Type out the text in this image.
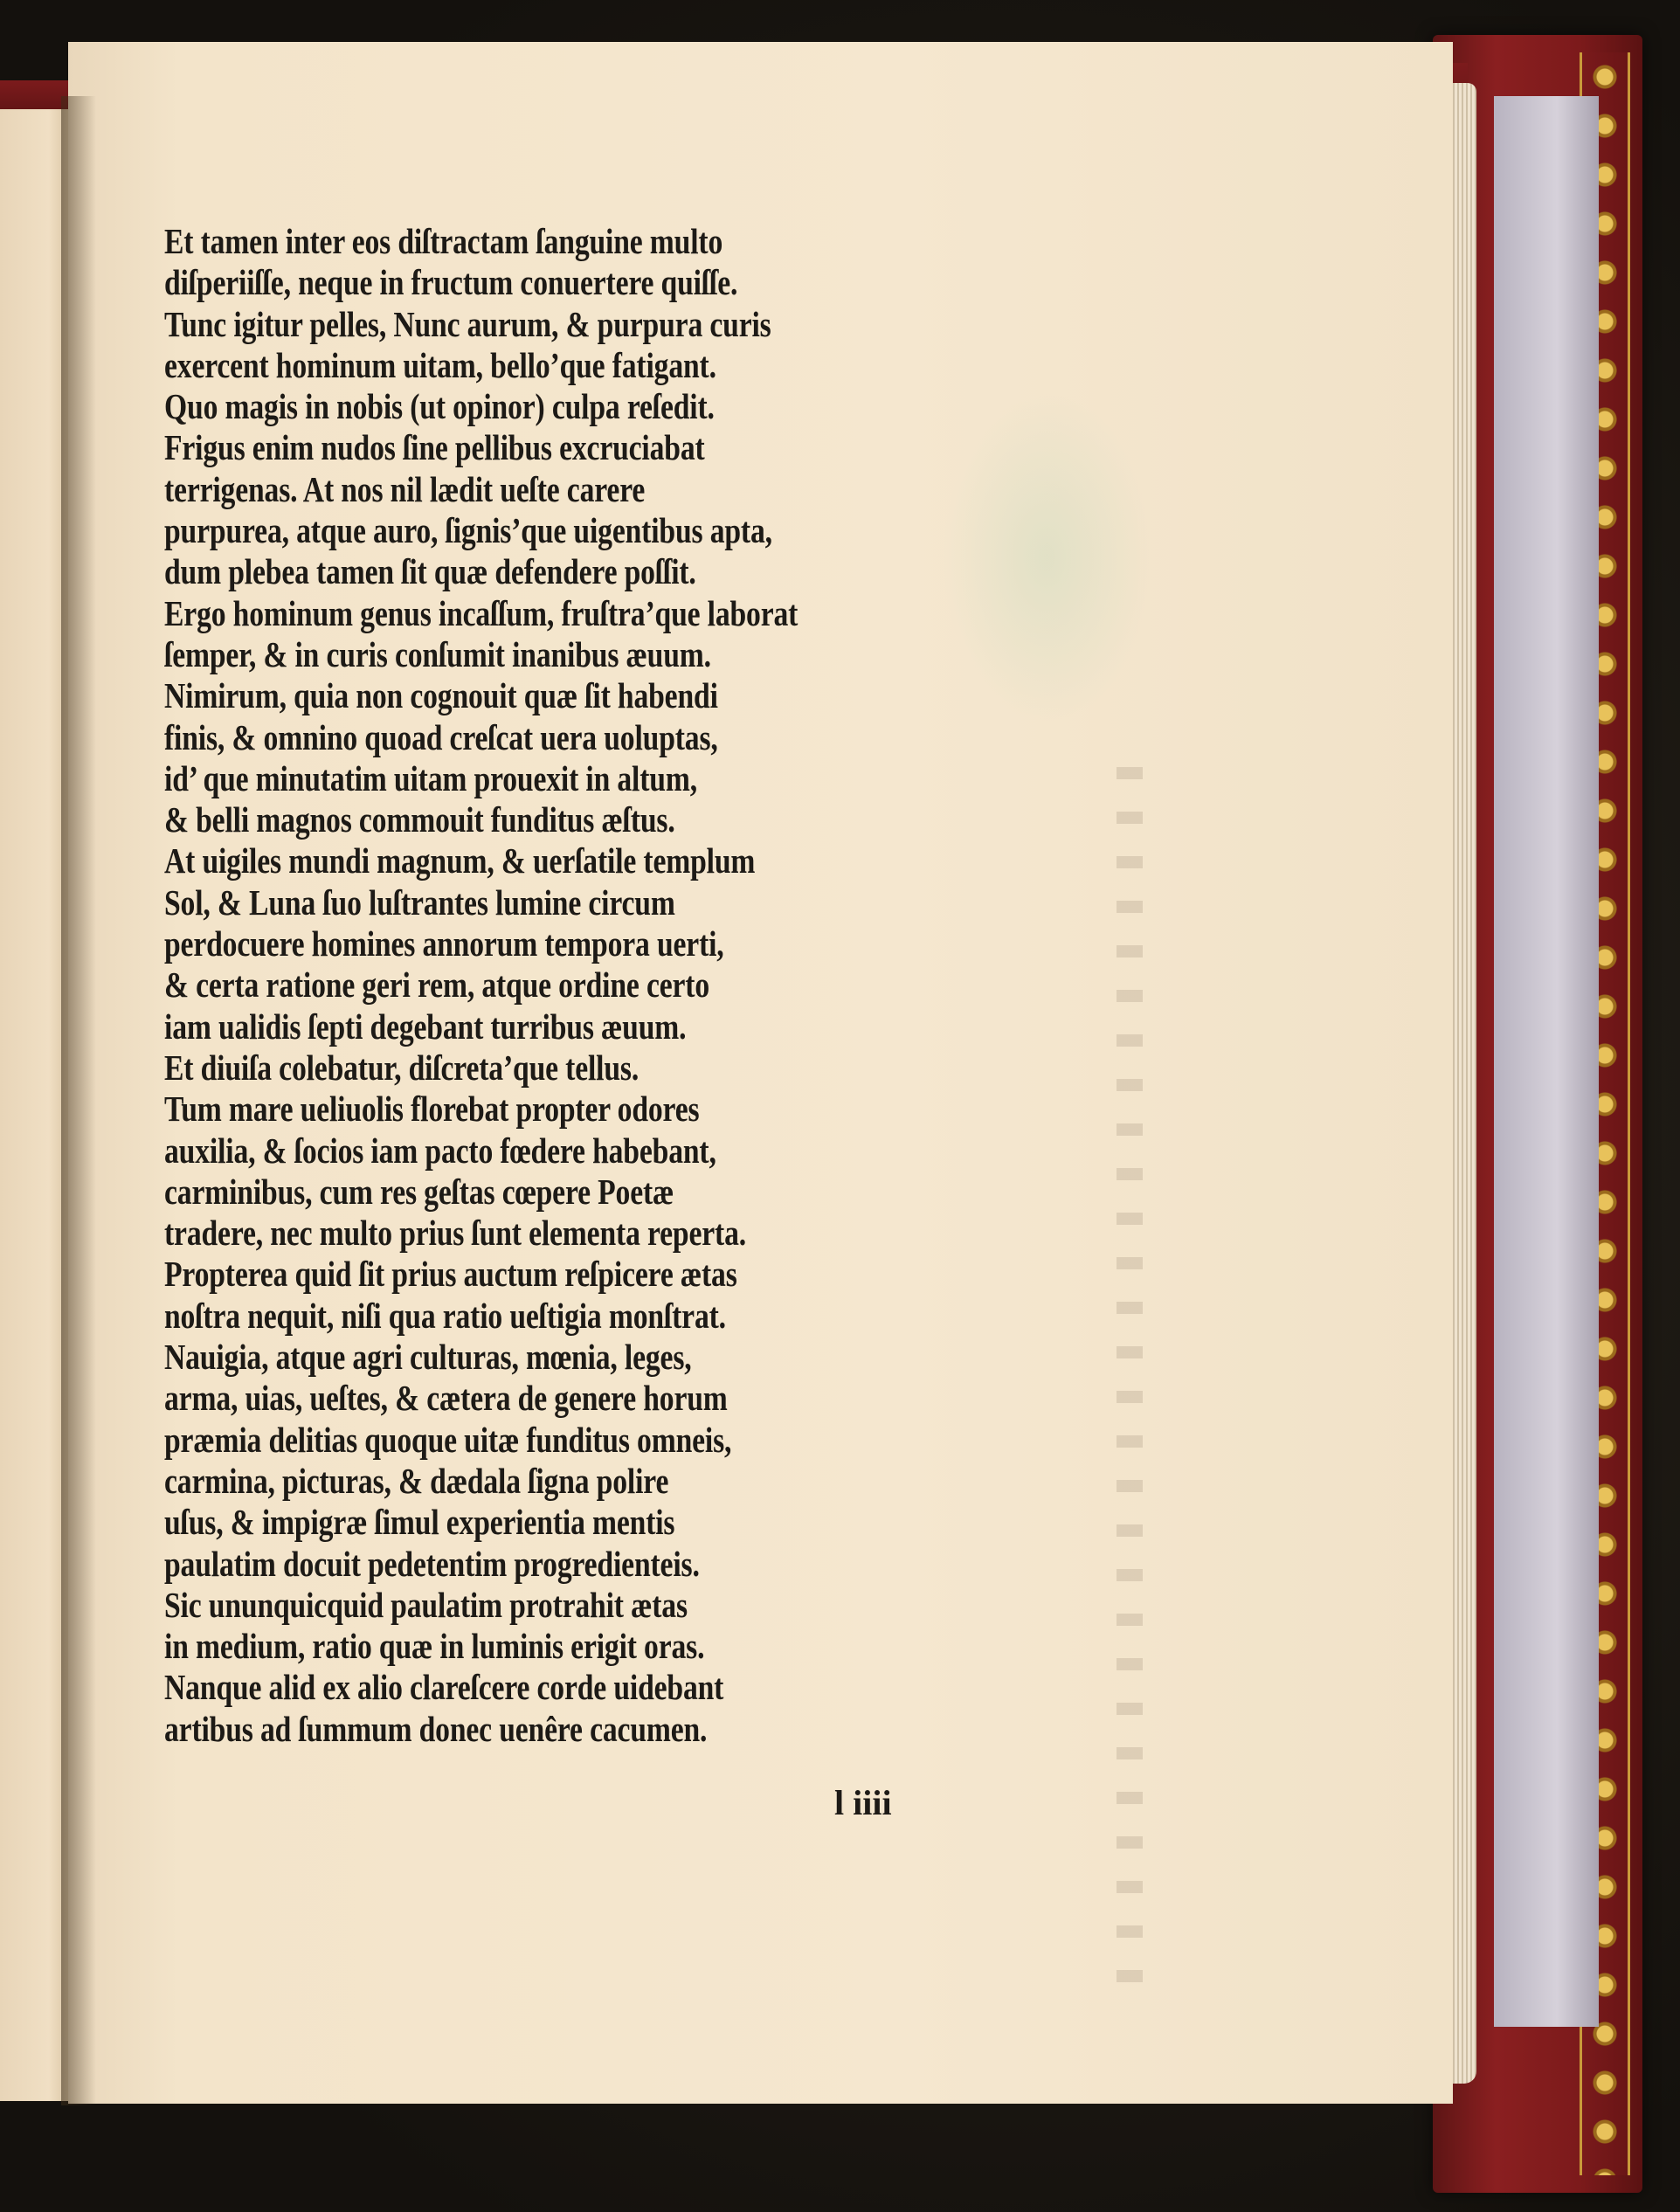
Et tamen inter eos diſtractam ſanguine multo
diſperiiſſe, neque in fructum conuertere quiſſe.
Tunc igitur pelles, Nunc aurum, & purpura curis
exercent hominum uitam, bello’que fatigant.
Quo magis in nobis (ut opinor) culpa reſedit.
Frigus enim nudos ſine pellibus excruciabat
terrigenas. At nos nil lædit ueſte carere
purpurea, atque auro, ſignis’que uigentibus apta,
dum plebea tamen ſit quæ defendere poſſit.
Ergo hominum genus incaſſum, fruſtra’que laborat
ſemper, & in curis conſumit inanibus æuum.
Nimirum, quia non cognouit quæ ſit habendi
finis, & omnino quoad creſcat uera uoluptas,
id’ que minutatim uitam prouexit in altum,
& belli magnos commouit funditus æſtus.
At uigiles mundi magnum, & uerſatile templum
Sol, & Luna ſuo luſtrantes lumine circum
perdocuere homines annorum tempora uerti,
& certa ratione geri rem, atque ordine certo
iam ualidis ſepti degebant turribus æuum.
Et diuiſa colebatur, diſcreta’que tellus.
Tum mare ueliuolis florebat propter odores
auxilia, & ſocios iam pacto fœdere habebant,
carminibus, cum res geſtas cœpere Poetæ
tradere, nec multo prius ſunt elementa reperta.
Propterea quid ſit prius auctum reſpicere ætas
noſtra nequit, niſi qua ratio ueſtigia monſtrat.
Nauigia, atque agri culturas, mœnia, leges,
arma, uias, ueſtes, & cætera de genere horum
præmia delitias quoque uitæ funditus omneis,
carmina, picturas, & dædala ſigna polire
uſus, & impigræ ſimul experientia mentis
paulatim docuit pedetentim progredienteis.
Sic ununquicquid paulatim protrahit ætas
in medium, ratio quæ in luminis erigit oras.
Nanque alid ex alio clareſcere corde uidebant
artibus ad ſummum donec uenêre cacumen.
l iiii
